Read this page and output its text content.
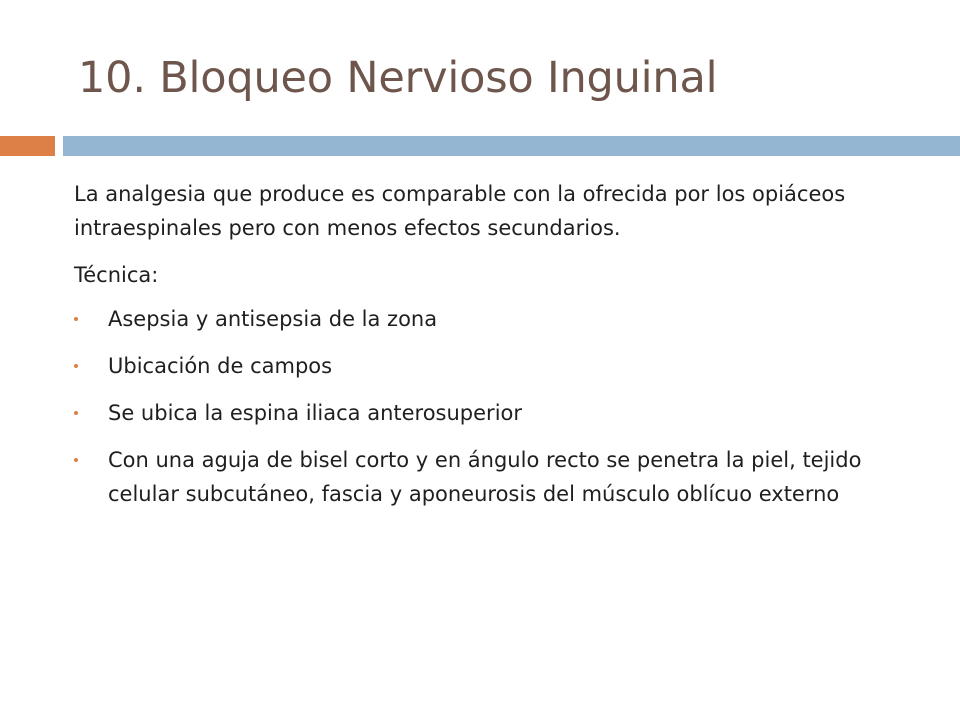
10. Bloqueo Nervioso Inguinal

La analgesia que produce es comparable con la ofrecida por los opiáceos intraespinales pero con menos efectos secundarios.

Técnica:

Asepsia y antisepsia de la zona
Ubicación de campos
Se ubica la espina iliaca anterosuperior
Con una aguja de bisel corto y en ángulo recto se penetra la piel, tejido celular subcutáneo, fascia y aponeurosis del músculo oblícuo externo
